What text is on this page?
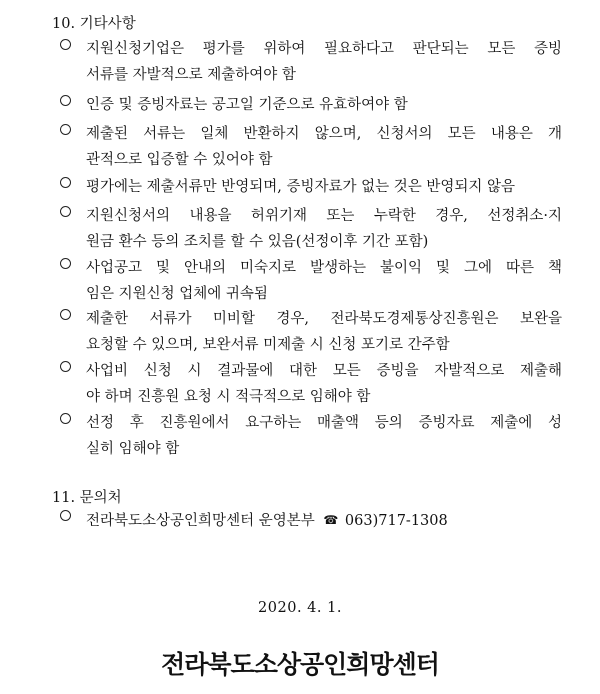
10. 기타사항
지원신청기업은 평가를 위하여 필요하다고 판단되는 모든 증빙
서류를 자발적으로 제출하여야 함
인증 및 증빙자료는 공고일 기준으로 유효하여야 함
제출된 서류는 일체 반환하지 않으며, 신청서의 모든 내용은 개
관적으로 입증할 수 있어야 함
평가에는 제출서류만 반영되며, 증빙자료가 없는 것은 반영되지 않음
지원신청서의 내용을 허위기재 또는 누락한 경우, 선정취소·지
원금 환수 등의 조치를 할 수 있음(선정이후 기간 포함)
사업공고 및 안내의 미숙지로 발생하는 불이익 및 그에 따른 책
임은 지원신청 업체에 귀속됨
제출한 서류가 미비할 경우, 전라북도경제통상진흥원은 보완을
요청할 수 있으며, 보완서류 미제출 시 신청 포기로 간주함
사업비 신청 시 결과물에 대한 모든 증빙을 자발적으로 제출해
야 하며 진흥원 요청 시 적극적으로 임해야 함
선정 후 진흥원에서 요구하는 매출액 등의 증빙자료 제출에 성
실히 임해야 함
11. 문의처
전라북도소상공인희망센터 운영본부 ☎ 063)717-1308
2020. 4. 1.
전라북도소상공인희망센터
